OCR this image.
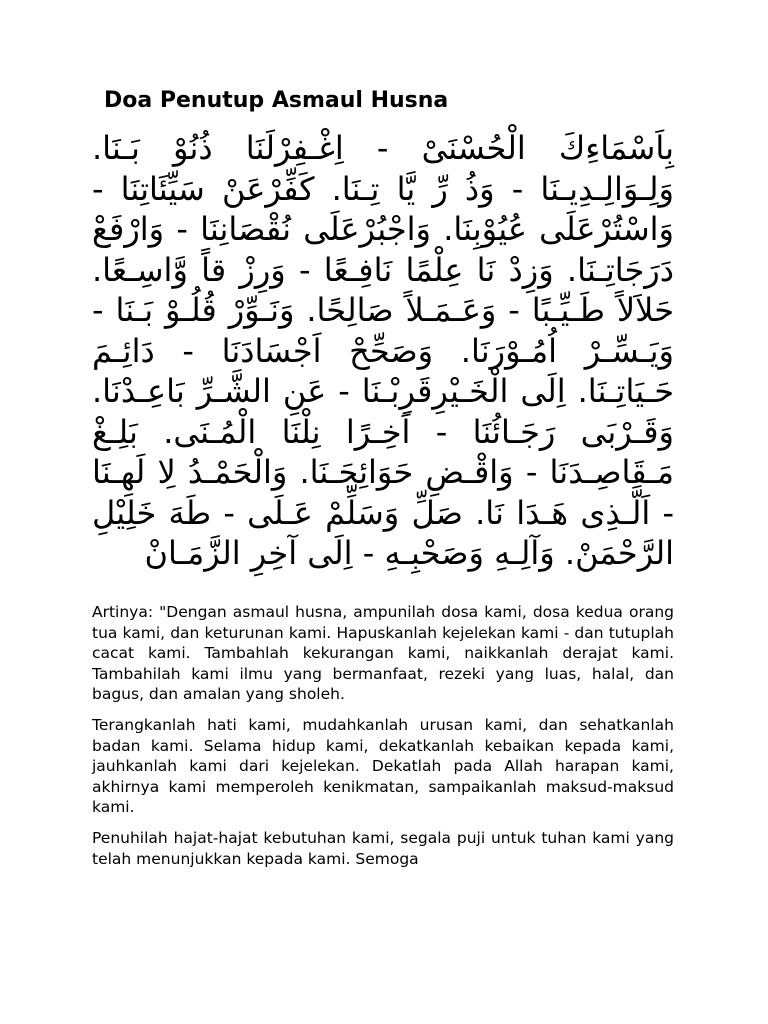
Doa Penutup Asmaul Husna
بِاَسْمَاءِكَ الْحُسْنَىْ - اِغْـفِرْلَنَا ذُنُوْ بَـنَا. وَلِـوَالِـدِيـنَا - وَذُ رِّ يَّا تِـنَا. كَفِّرْعَنْ سَيِّئَاتِنَا - وَاسْتُرْعَلَى عُيُوْبِنَا. وَاجْبُرْعَلَى نُقْصَانِنَا - وَارْفَعْ دَرَجَاتِـنَا. وَزِدْ نَا عِلْمًا نَافِـعًا - وَرِزْ قاً وَّاسِـعًا. حَلاَلاً طَـيِّـبًا - وَعَـمَـلاً صَالِحًا. وَنَـوِّرْ قُلُـوْ بَـنَا - وَيَـسِّـرْ اُمُـوْرَنَا. وَصَحِّحْ اَجْسَادَنَا - دَائِـمَ حَـيَاتِـنَا. اِلَى الْخَـيْرِقَرِبْـنَا - عَنِ الشَّـرِّ بَاعِـدْنَا. وَقَـرْبَى رَجَـائُنَا - اَخِـرًا نِلْنَا الْمُـنَى. بَلِـغْ مَـقَاصِـدَنَا - وَاقْـضِ حَوَائِجَـنَا. وَالْحَمْـدُ لِا لَهِـنَا - اَلَّـذِى هَـدَا نَا. صَلِّ وَسَلِّمْ عَـلَى - طَهَ خَلِيْلِ الرَّحْمَنْ. وَآلِـهِ وَصَحْبِـهِ - اِلَى آخِرِ الزَّمَـانْ

Artinya: "Dengan asmaul husna, ampunilah dosa kami, dosa kedua orang tua kami, dan keturunan kami. Hapuskanlah kejelekan kami - dan tutuplah cacat kami. Tambahlah kekurangan kami, naikkanlah derajat kami. Tambahilah kami ilmu yang bermanfaat, rezeki yang luas, halal, dan bagus, dan amalan yang sholeh.

Terangkanlah hati kami, mudahkanlah urusan kami, dan sehatkanlah badan kami. Selama hidup kami, dekatkanlah kebaikan kepada kami, jauhkanlah kami dari kejelekan. Dekatlah pada Allah harapan kami, akhirnya kami memperoleh kenikmatan, sampaikanlah maksud-maksud kami.

Penuhilah hajat-hajat kebutuhan kami, segala puji untuk tuhan kami yang telah menunjukkan kepada kami. Semoga
